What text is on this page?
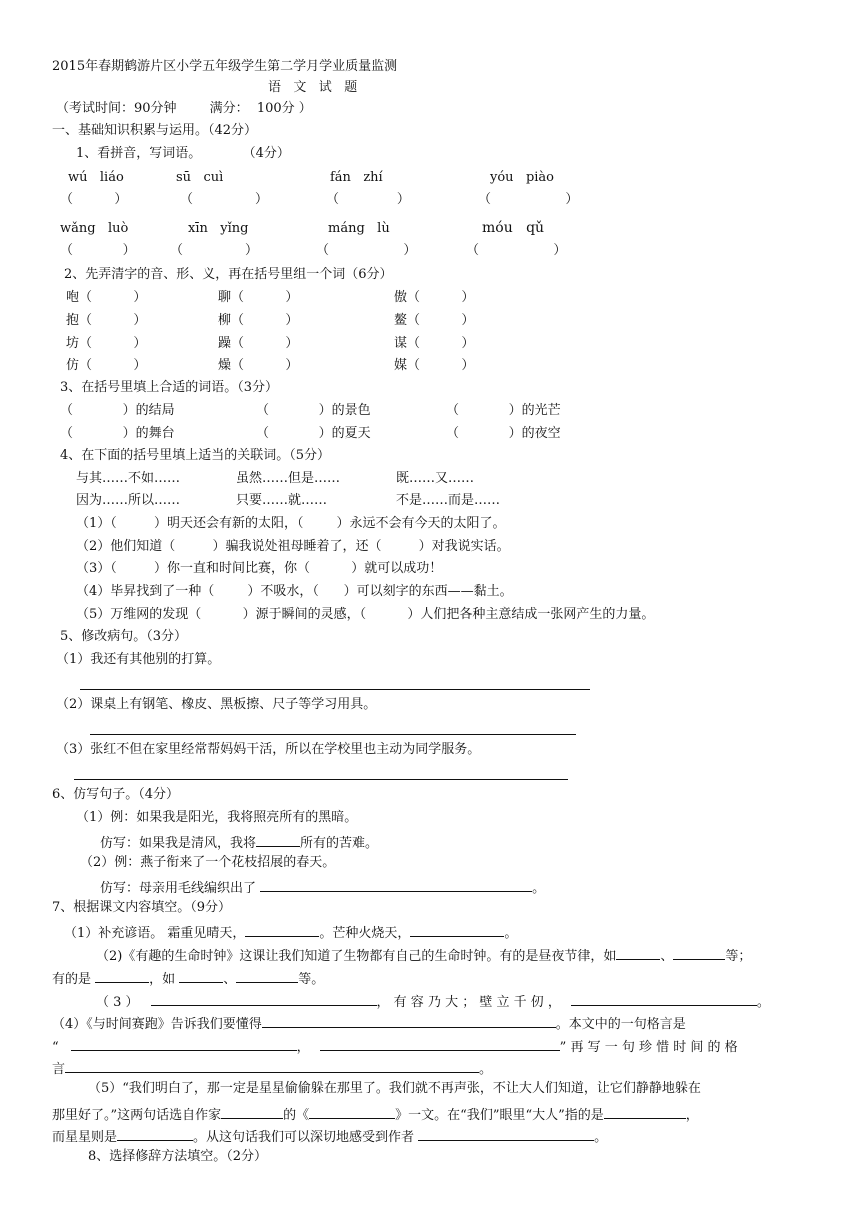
2015年春期鹤游片区小学五年级学生第二学月学业质量监测
语   文   试   题
（考试时间：90分钟        满分：  100分 ）
一、基础知识积累与运用。（42分）
1、看拼音，写词语。          （4分）
wú   liáo	sū   cuì	fán   zhí	yóu   piào
（          ）	（               ）	（              ）	（                  ）
wǎng   luò	xīn   yǐng	máng   lù	móu   qǔ
（            ）	（               ）	（                  ）	（                  ）
2、先弄清字的音、形、义，再在括号里组一个词（6分）
咆（          ）	聊（          ）	傲（          ）
抱（          ）	柳（          ）	鳌（          ）
坊（          ）	躁（          ）	谋（          ）
仿（          ）	燥（          ）	媒（          ）
3、在括号里填上合适的词语。（3分）
（            ）的结局	（            ）的景色	（            ）的光芒
（            ）的舞台	（            ）的夏天	（            ）的夜空
4、在下面的括号里填上适当的关联词。（5分）
与其……不如……	虽然……但是……	既……又……
因为……所以……	只要……就……	不是……而是……
（1）（         ）明天还会有新的太阳，（        ）永远不会有今天的太阳了。
（2）他们知道（         ）骗我说处祖母睡着了，还（         ）对我说实话。
（3）（         ）你一直和时间比赛，你（          ）就可以成功！
（4）毕昇找到了一种（        ）不吸水，（      ）可以刻字的东西——黏土。
（5）万维网的发现（          ）源于瞬间的灵感，（          ）人们把各种主意结成一张网产生的力量。
5、修改病句。（3分）
（1）我还有其他别的打算。
（2）课桌上有钢笔、橡皮、黑板擦、尺子等学习用具。
（3）张红不但在家里经常帮妈妈干活，所以在学校里也主动为同学服务。
6、仿写句子。（4分）
（1）例：如果我是阳光，我将照亮所有的黑暗。
仿写：如果我是清风，我将	所有的苦难。
（2）例：燕子衔来了一个花枝招展的春天。
仿写：母亲用毛线编织出了	。
7、根据课文内容填空。（9分）
（1）补充谚语。 霜重见晴天，	。芒种火烧天，	。
（2)《有趣的生命时钟》这课让我们知道了生物都有自己的生命时钟。有的是昼夜节律，如	、	等；
有的是	，如	、	等。
（ 3 ）	， 有 容 乃 大 ； 壁 立 千 仞 ，	。
（4）《与时间赛跑》告诉我们要懂得	。本文中的一句格言是
“	，	” 再 写 一 句 珍 惜 时 间 的 格
言	。
（5）“我们明白了，那一定是星星偷偷躲在那里了。我们就不再声张，不让大人们知道，让它们静静地躲在
那里好了。”这两句话选自作家	的《	》一文。在“我们”眼里“大人”指的是	，
而星星则是	。从这句话我们可以深切地感受到作者	。
8、选择修辞方法填空。（2分）
